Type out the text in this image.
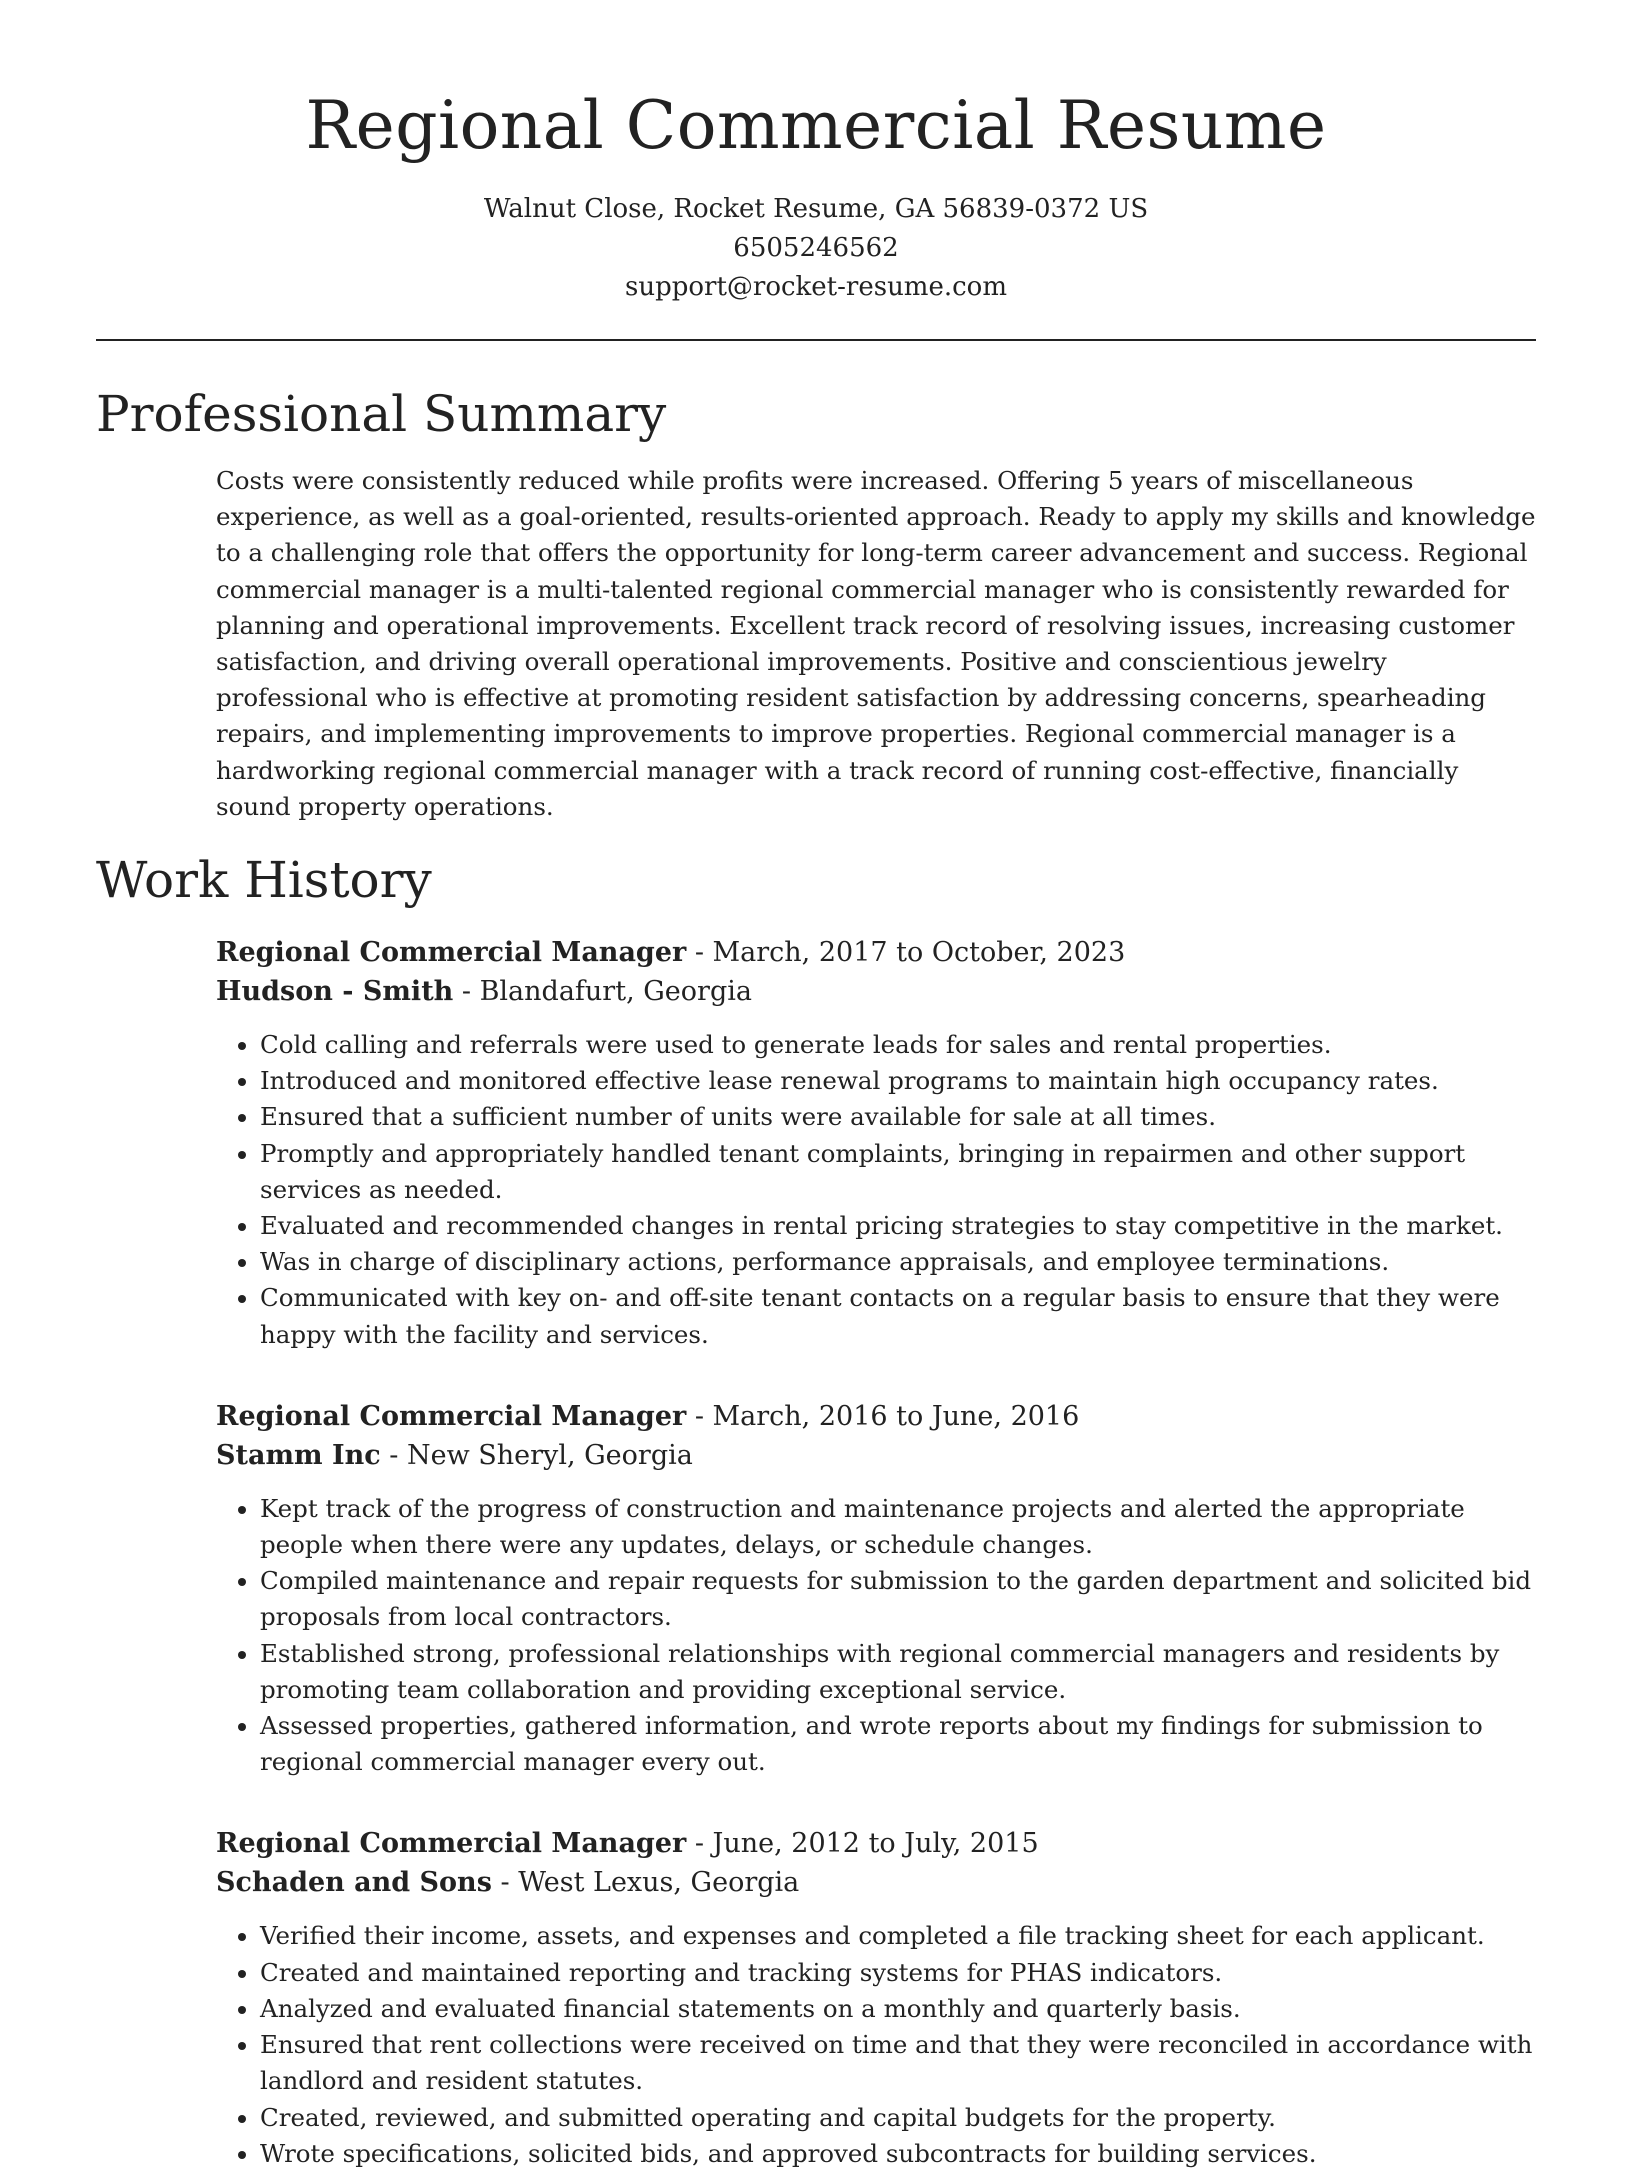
Regional Commercial Resume

Walnut Close, Rocket Resume, GA 56839-0372 US

6505246562

support@rocket-resume.com

Professional Summary

Costs were consistently reduced while profits were increased. Offering 5 years of miscellaneous experience, as well as a goal-oriented, results-oriented approach. Ready to apply my skills and knowledge to a challenging role that offers the opportunity for long-term career advancement and success. Regional commercial manager is a multi-talented regional commercial manager who is consistently rewarded for planning and operational improvements. Excellent track record of resolving issues, increasing customer satisfaction, and driving overall operational improvements. Positive and conscientious jewelry professional who is effective at promoting resident satisfaction by addressing concerns, spearheading repairs, and implementing improvements to improve properties. Regional commercial manager is a hardworking regional commercial manager with a track record of running cost-effective, financially sound property operations.

Work History

Regional Commercial Manager - March, 2017 to October, 2023

Hudson - Smith - Blandafurt, Georgia

• Cold calling and referrals were used to generate leads for sales and rental properties.
• Introduced and monitored effective lease renewal programs to maintain high occupancy rates.
• Ensured that a sufficient number of units were available for sale at all times.
• Promptly and appropriately handled tenant complaints, bringing in repairmen and other support services as needed.
• Evaluated and recommended changes in rental pricing strategies to stay competitive in the market.
• Was in charge of disciplinary actions, performance appraisals, and employee terminations.
• Communicated with key on- and off-site tenant contacts on a regular basis to ensure that they were happy with the facility and services.

Regional Commercial Manager - March, 2016 to June, 2016

Stamm Inc - New Sheryl, Georgia

• Kept track of the progress of construction and maintenance projects and alerted the appropriate people when there were any updates, delays, or schedule changes.
• Compiled maintenance and repair requests for submission to the garden department and solicited bid proposals from local contractors.
• Established strong, professional relationships with regional commercial managers and residents by promoting team collaboration and providing exceptional service.
• Assessed properties, gathered information, and wrote reports about my findings for submission to regional commercial manager every out.

Regional Commercial Manager - June, 2012 to July, 2015

Schaden and Sons - West Lexus, Georgia

• Verified their income, assets, and expenses and completed a file tracking sheet for each applicant.
• Created and maintained reporting and tracking systems for PHAS indicators.
• Analyzed and evaluated financial statements on a monthly and quarterly basis.
• Ensured that rent collections were received on time and that they were reconciled in accordance with landlord and resident statutes.
• Created, reviewed, and submitted operating and capital budgets for the property.
• Wrote specifications, solicited bids, and approved subcontracts for building services.
